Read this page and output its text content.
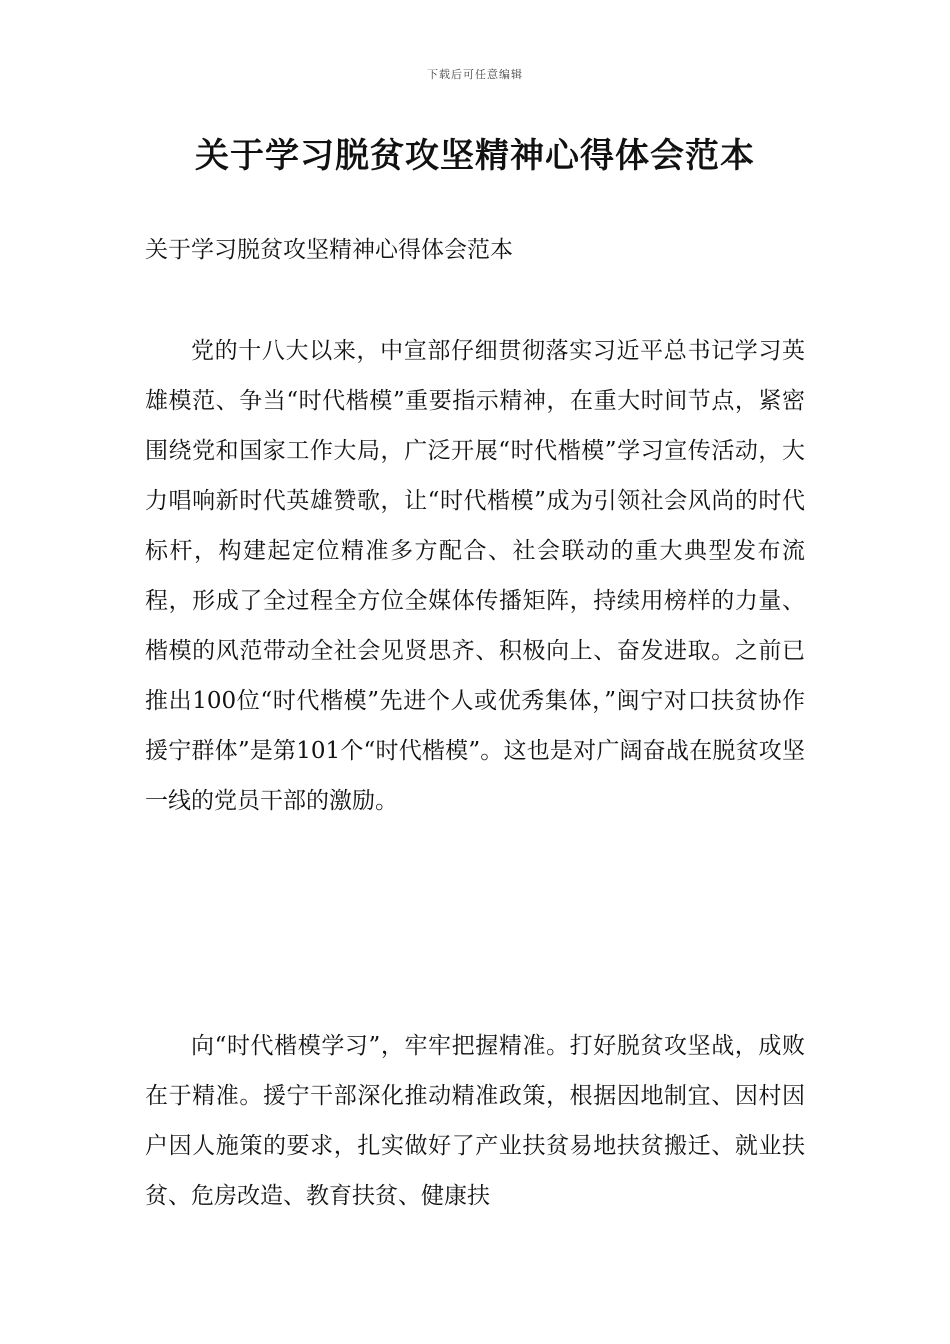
下载后可任意编辑
关于学习脱贫攻坚精神心得体会范本
关于学习脱贫攻坚精神心得体会范本
党的十八大以来，中宣部仔细贯彻落实习近平总书记学习英雄模范、争当“时代楷模”重要指示精神，在重大时间节点，紧密围绕党和国家工作大局，广泛开展“时代楷模”学习宣传活动，大力唱响新时代英雄赞歌，让“时代楷模”成为引领社会风尚的时代标杆，构建起定位精准多方配合、社会联动的重大典型发布流程，形成了全过程全方位全媒体传播矩阵，持续用榜样的力量、楷模的风范带动全社会见贤思齐、积极向上、奋发进取。之前已推出100位“时代楷模”先进个人或优秀集体，”闽宁对口扶贫协作援宁群体”是第101个“时代楷模”。这也是对广阔奋战在脱贫攻坚一线的党员干部的激励。
向“时代楷模学习”，牢牢把握精准。打好脱贫攻坚战，成败在于精准。援宁干部深化推动精准政策，根据因地制宜、因村因户因人施策的要求，扎实做好了产业扶贫易地扶贫搬迁、就业扶贫、危房改造、教育扶贫、健康扶
